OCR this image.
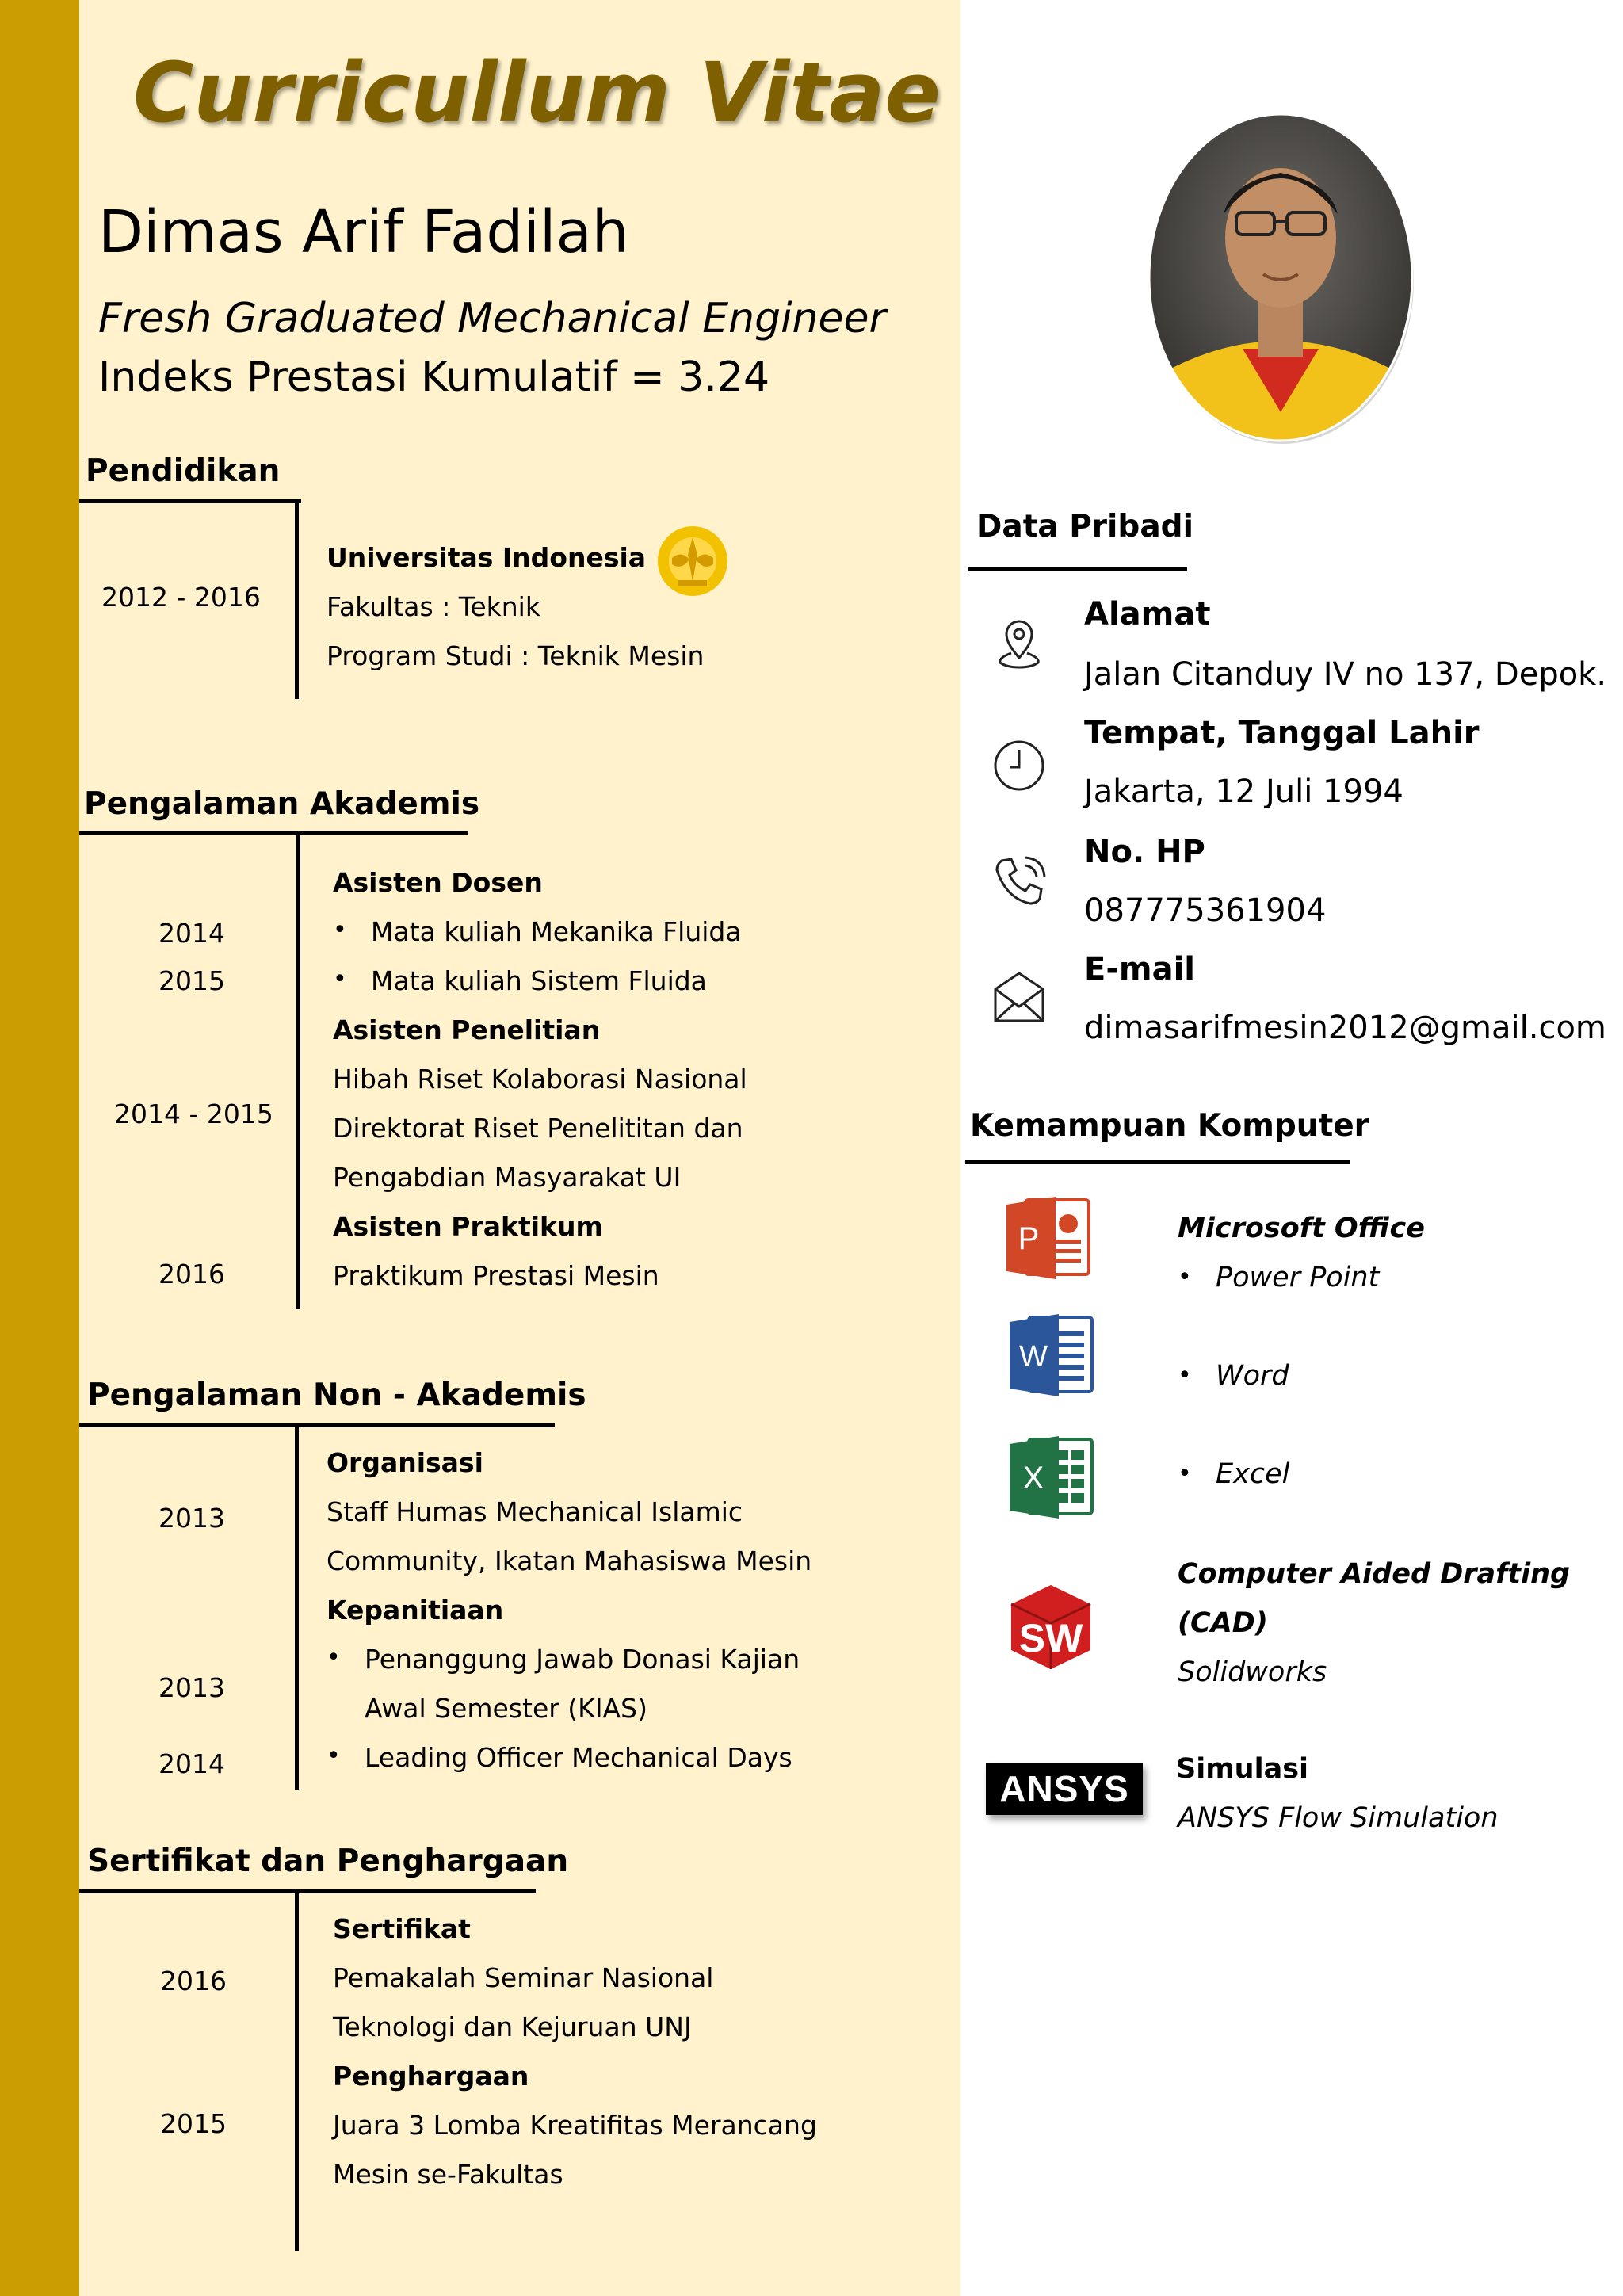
Curricullum Vitae
Dimas Arif Fadilah
Fresh Graduated Mechanical Engineer
Indeks Prestasi Kumulatif = 3.24
Pendidikan
2012 - 2016
Universitas Indonesia
Fakultas : Teknik
Program Studi : Teknik Mesin
Pengalaman Akademis
Asisten Dosen
• Mata kuliah Mekanika Fluida
• Mata kuliah Sistem Fluida
2014
2015
Asisten Penelitian
Hibah Riset Kolaborasi Nasional
Direktorat Riset Penelititan dan
Pengabdian Masyarakat UI
2014 - 2015
Asisten Praktikum
Praktikum Prestasi Mesin
2016
Pengalaman Non - Akademis
Organisasi
Staff Humas Mechanical Islamic
Community, Ikatan Mahasiswa Mesin
2013
Kepanitiaan
• Penanggung Jawab Donasi Kajian
Awal Semester (KIAS)
• Leading Officer Mechanical Days
2013
2014
Sertifikat dan Penghargaan
Sertifikat
Pemakalah Seminar Nasional
Teknologi dan Kejuruan UNJ
2016
Penghargaan
Juara 3 Lomba Kreatifitas Merancang
Mesin se-Fakultas
2015
Data Pribadi
Alamat
Jalan Citanduy IV no 137, Depok.
Tempat, Tanggal Lahir
Jakarta, 12 Juli 1994
No. HP
087775361904
E-mail
dimasarifmesin2012@gmail.com
Kemampuan Komputer
P
W
X
Microsoft Office
• Power Point
• Word
• Excel
SW
Computer Aided Drafting
(CAD)
Solidworks
ANSYS Simulasi
ANSYS Flow Simulation
